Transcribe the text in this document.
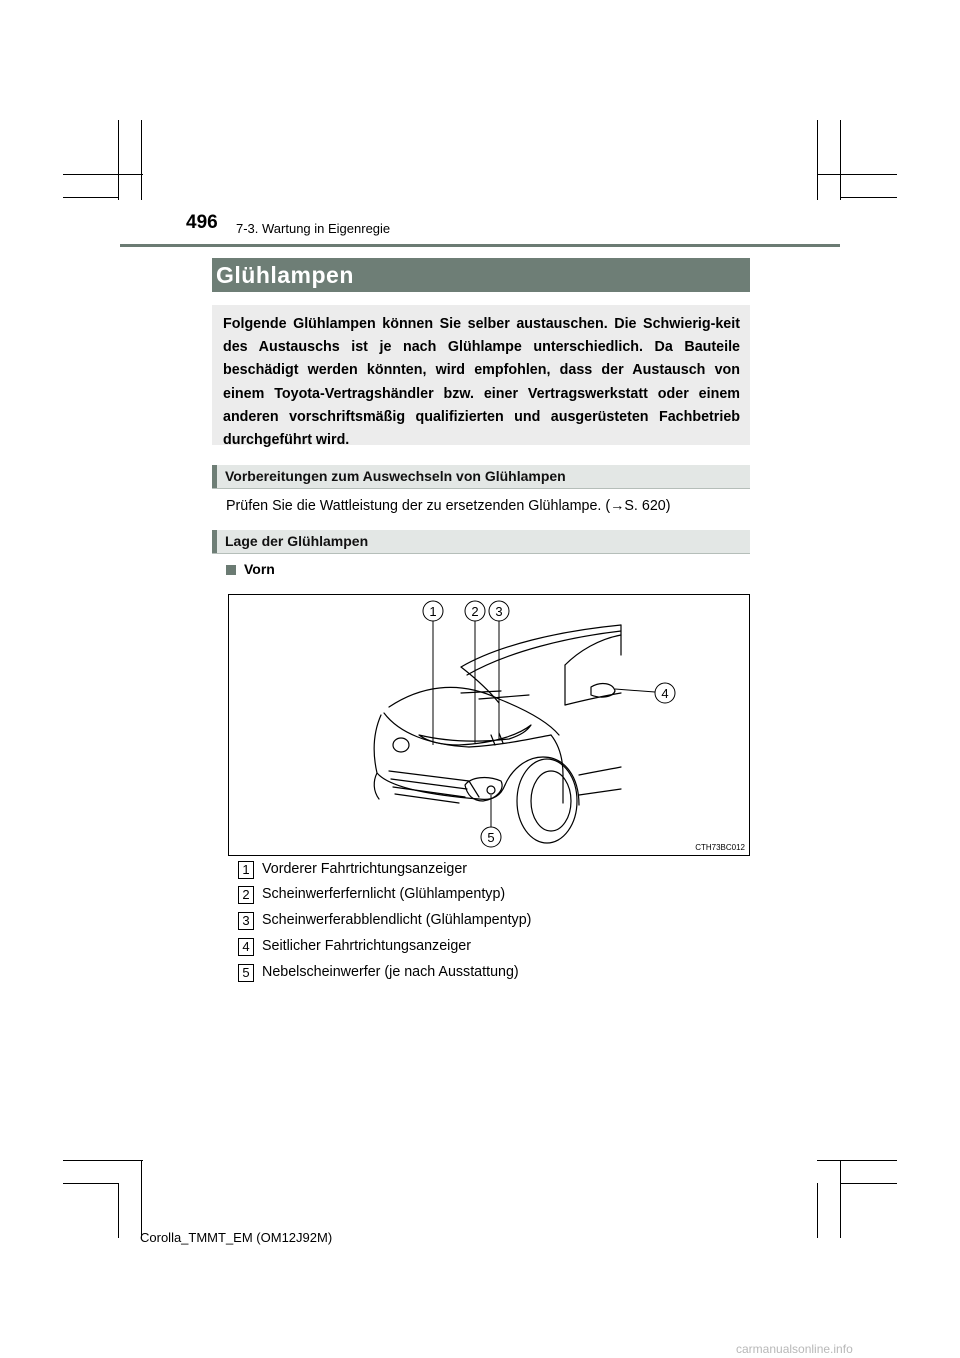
496 7-3. Wartung in Eigenregie
Glühlampen

Folgende Glühlampen können Sie selber austauschen. Die Schwierig-keit des Austauschs ist je nach Glühlampe unterschiedlich. Da Bauteile beschädigt werden könnten, wird empfohlen, dass der Austausch von einem Toyota-Vertragshändler bzw. einer Vertragswerkstatt oder einem anderen vorschriftsmäßig qualifizierten und ausgerüsteten Fachbetrieb durchgeführt wird.

Vorbereitungen zum Auswechseln von Glühlampen
Prüfen Sie die Wattleistung der zu ersetzenden Glühlampe. (→S. 620)
Lage der Glühlampen
Vorn
1	2 3
4
5
CTH73BC012
1 Vorderer Fahrtrichtungsanzeiger
2 Scheinwerferfernlicht (Glühlampentyp)
3 Scheinwerferabblendlicht (Glühlampentyp)
4 Seitlicher Fahrtrichtungsanzeiger
5 Nebelscheinwerfer (je nach Ausstattung)
Corolla_TMMT_EM (OM12J92M)
carmanualsonline.info
